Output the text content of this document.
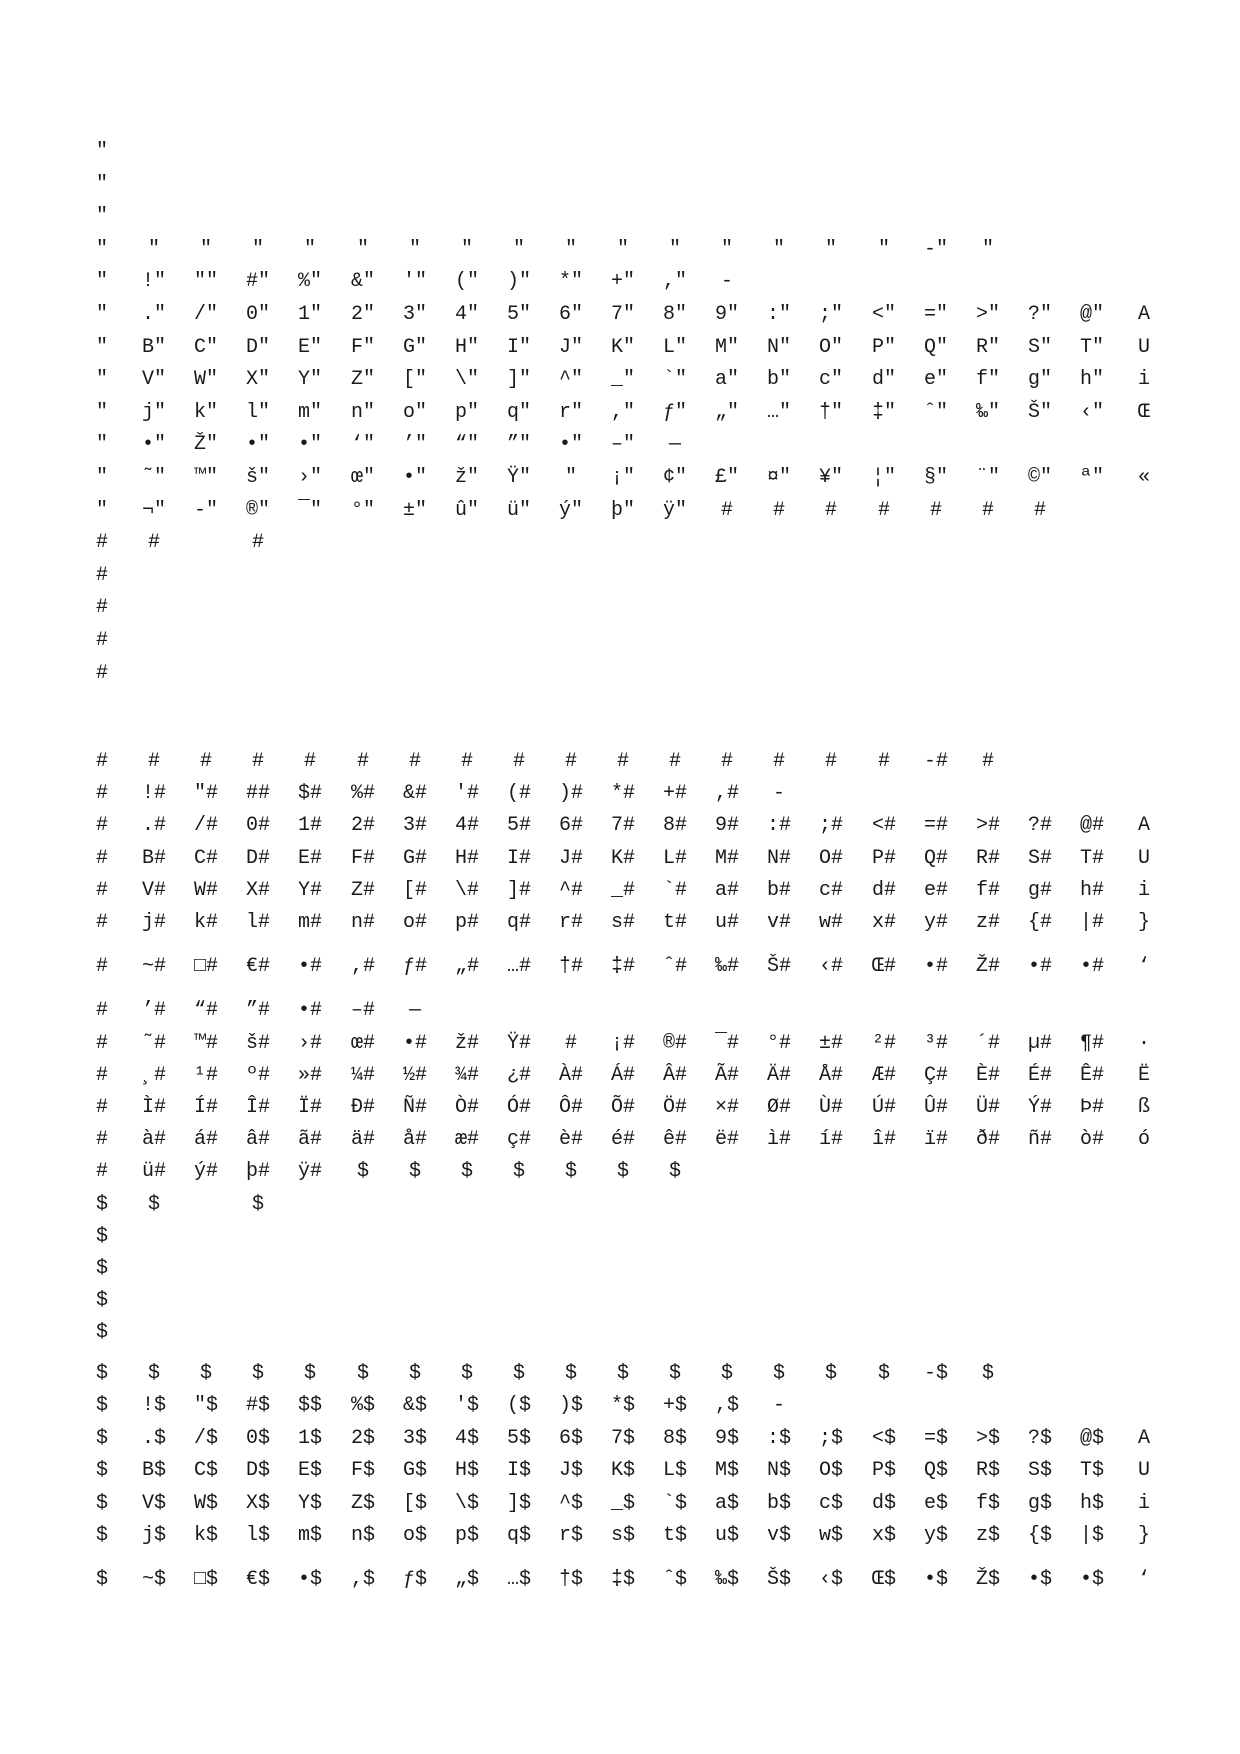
"
"
"
"	"	"	"	"	"	"	"	"	"	"	"	"	"	"	"	-"	"
"	!"	""	#"	%"	&"	'"	("	)"	*"	+"	,"	-
"	."	/"	0"	1"	2"	3"	4"	5"	6"	7"	8"	9"	:"	;"	<"	="	>"	?"	@"	A
"	B"	C"	D"	E"	F"	G"	H"	I"	J"	K"	L"	M"	N"	O"	P"	Q"	R"	S"	T"	U
"	V"	W"	X"	Y"	Z"	["	\"	]"	^"	_"	`"	a"	b"	c"	d"	e"	f"	g"	h"	i
"	j"	k"	l"	m"	n"	o"	p"	q"	r"	,"	ƒ"	„"	…"	†"	‡"	ˆ"	‰"	Š"	‹"	Œ
"	•"	Ž"	•"	•"	‘"	’"	“"	”"	•"	–"	—
"	˜"	™"	š"	›"	œ"	•"	ž"	Ÿ"	"	¡"	¢"	£"	¤"	¥"	¦"	§"	¨"	©"	ª"	«
"	¬"	-"	®"	¯"	°"	±"	û"	ü"	ý"	þ"	ÿ"	#	#	#	#	#	#	#
#	#	#
#
#
#
#
#	#	#	#	#	#	#	#	#	#	#	#	#	#	#	#	-#	#
#	!#	"#	##	$#	%#	&#	'#	(#	)#	*#	+#	,#	-
#	.#	/#	0#	1#	2#	3#	4#	5#	6#	7#	8#	9#	:#	;#	<#	=#	>#	?#	@#	A
#	B#	C#	D#	E#	F#	G#	H#	I#	J#	K#	L#	M#	N#	O#	P#	Q#	R#	S#	T#	U
#	V#	W#	X#	Y#	Z#	[#	\#	]#	^#	_#	`#	a#	b#	c#	d#	e#	f#	g#	h#	i
#	j#	k#	l#	m#	n#	o#	p#	q#	r#	s#	t#	u#	v#	w#	x#	y#	z#	{#	|#	}
#	~#	□#	€#	•#	,#	ƒ#	„#	…#	†#	‡#	ˆ#	‰#	Š#	‹#	Œ#	•#	Ž#	•#	•#	‘
#	’#	“#	”#	•#	–#	—
#	˜#	™#	š#	›#	œ#	•#	ž#	Ÿ#	#	¡#	®#	¯#	°#	±#	²#	³#	´#	µ#	¶#	·
#	¸#	¹#	º#	»#	¼#	½#	¾#	¿#	À#	Á#	Â#	Ã#	Ä#	Å#	Æ#	Ç#	È#	É#	Ê#	Ë
#	Ì#	Í#	Î#	Ï#	Ð#	Ñ#	Ò#	Ó#	Ô#	Õ#	Ö#	×#	Ø#	Ù#	Ú#	Û#	Ü#	Ý#	Þ#	ß
#	à#	á#	â#	ã#	ä#	å#	æ#	ç#	è#	é#	ê#	ë#	ì#	í#	î#	ï#	ð#	ñ#	ò#	ó
#	ü#	ý#	þ#	ÿ#	$	$	$	$	$	$	$
$	$	$
$
$
$
$
$	$	$	$	$	$	$	$	$	$	$	$	$	$	$	$	-$	$
$	!$	"$	#$	$$	%$	&$	'$	($	)$	*$	+$	,$	-
$	.$	/$	0$	1$	2$	3$	4$	5$	6$	7$	8$	9$	:$	;$	<$	=$	>$	?$	@$	A
$	B$	C$	D$	E$	F$	G$	H$	I$	J$	K$	L$	M$	N$	O$	P$	Q$	R$	S$	T$	U
$	V$	W$	X$	Y$	Z$	[$	\$	]$	^$	_$	`$	a$	b$	c$	d$	e$	f$	g$	h$	i
$	j$	k$	l$	m$	n$	o$	p$	q$	r$	s$	t$	u$	v$	w$	x$	y$	z$	{$	|$	}
$	~$	□$	€$	•$	,$	ƒ$	„$	…$	†$	‡$	ˆ$	‰$	Š$	‹$	Œ$	•$	Ž$	•$	•$	‘
